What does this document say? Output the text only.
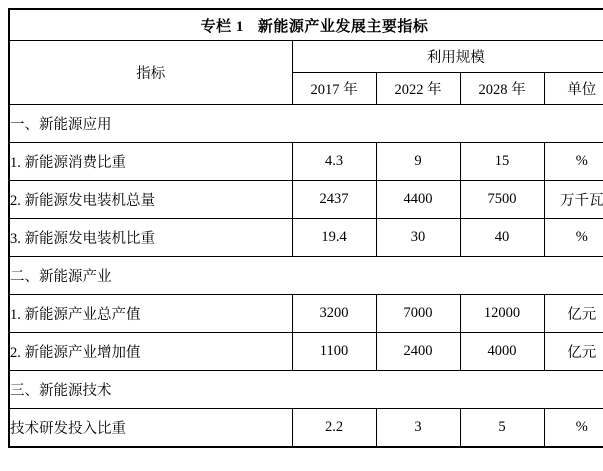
专栏 1 新能源产业发展主要指标				
指标	利用规模			
	2017 年	2022 年	2028 年	单位
一、新能源应用				
1. 新能源消费比重	4.3	9	15	%
2. 新能源发电装机总量	2437	4400	7500	万千瓦
3. 新能源发电装机比重	19.4	30	40	%
二、新能源产业				
1. 新能源产业总产值	3200	7000	12000	亿元
2. 新能源产业增加值	1100	2400	4000	亿元
三、新能源技术				
技术研发投入比重	2.2	3	5	%
